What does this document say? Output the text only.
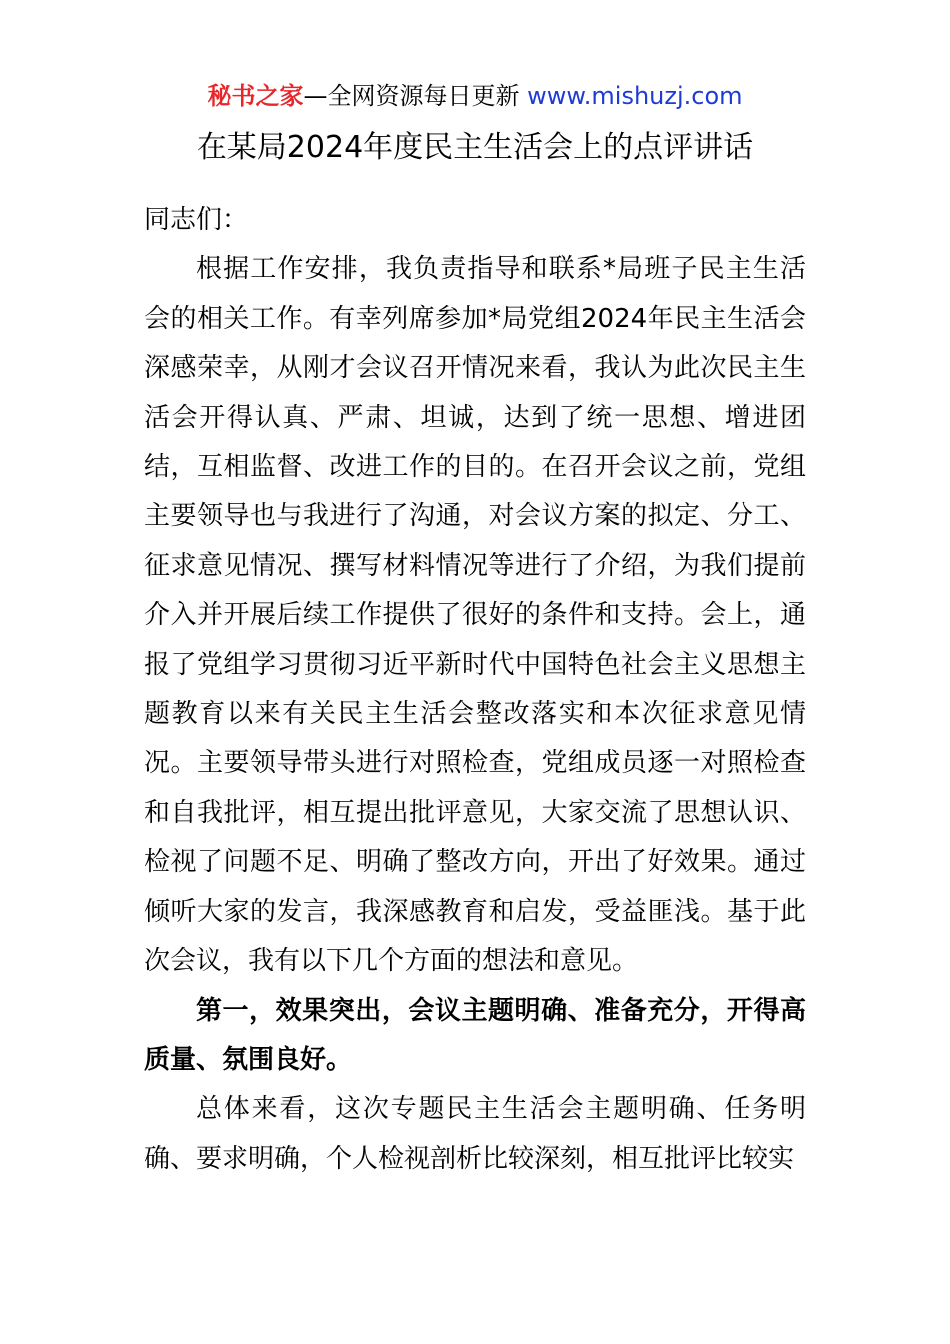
秘书之家—全网资源每日更新 www.mishuzj.com
在某局2024年度民主生活会上的点评讲话

同志们：

根据工作安排，我负责指导和联系*局班子民主生活会的相关工作。有幸列席参加*局党组2024年民主生活会深感荣幸，从刚才会议召开情况来看，我认为此次民主生活会开得认真、严肃、坦诚，达到了统一思想、增进团结，互相监督、改进工作的目的。在召开会议之前，党组主要领导也与我进行了沟通，对会议方案的拟定、分工、征求意见情况、撰写材料情况等进行了介绍，为我们提前介入并开展后续工作提供了很好的条件和支持。会上，通报了党组学习贯彻习近平新时代中国特色社会主义思想主题教育以来有关民主生活会整改落实和本次征求意见情况。主要领导带头进行对照检查，党组成员逐一对照检查和自我批评，相互提出批评意见，大家交流了思想认识、检视了问题不足、明确了整改方向，开出了好效果。通过倾听大家的发言，我深感教育和启发，受益匪浅。基于此次会议，我有以下几个方面的想法和意见。

第一，效果突出，会议主题明确、准备充分，开得高质量、氛围良好。

总体来看，这次专题民主生活会主题明确、任务明确、要求明确，个人检视剖析比较深刻，相互批评比较实
